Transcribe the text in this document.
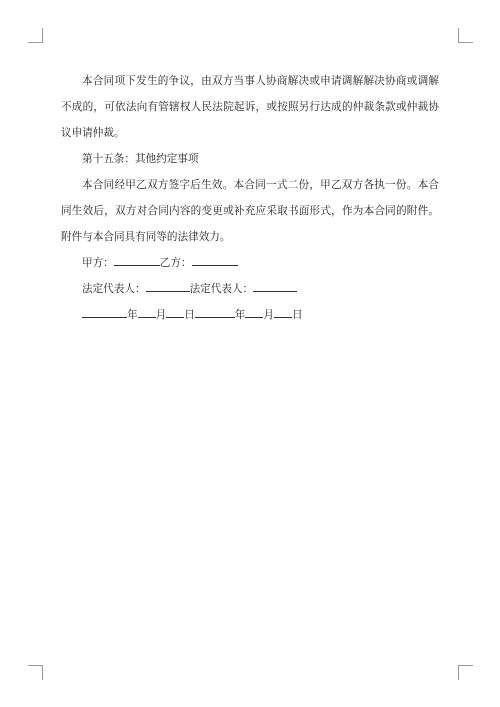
本合同项下发生的争议，由双方当事人协商解决或申请调解解决协商或调解不成的，可依法向有管辖权人民法院起诉，或按照另行达成的仲裁条款或仲裁协议申请仲裁。

第十五条：其他约定事项

本合同经甲乙双方签字后生效。本合同一式二份，甲乙双方各执一份。本合同生效后，双方对合同内容的变更或补充应采取书面形式，作为本合同的附件。附件与本合同具有同等的法律效力。

甲方：	乙方：

法定代表人：	法定代表人：

年 月 日	年 月 日
